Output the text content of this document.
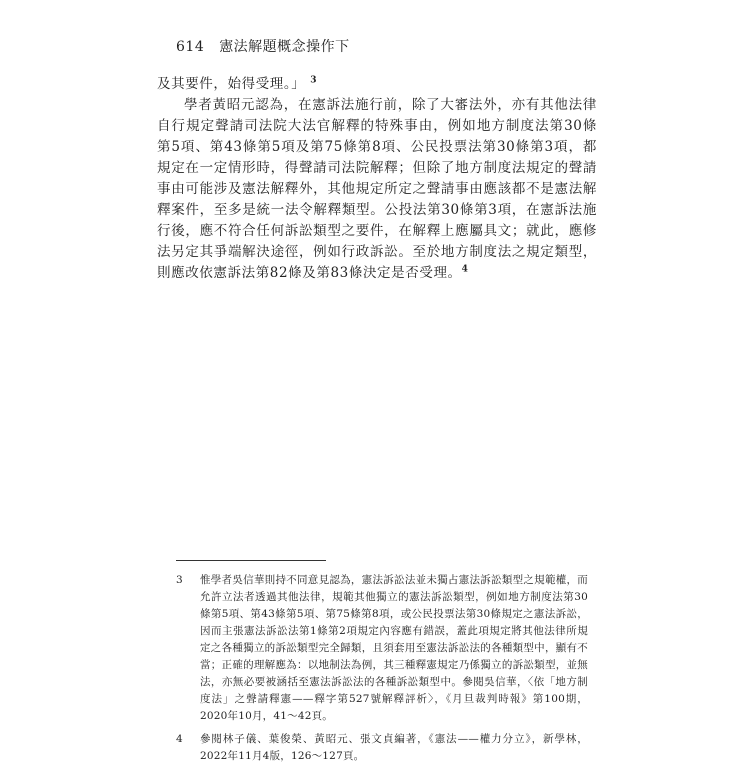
614 憲法解題概念操作下

及其要件，始得受理。」 $^3$

學者黃昭元認為，在憲訴法施行前，除了大審法外，亦有其他法律自行規定聲請司法院大法官解釋的特殊事由，例如地方制度法第30條第5項、第43條第5項及第75條第8項、公民投票法第30條第3項，都規定在一定情形時，得聲請司法院解釋；但除了地方制度法規定的聲請事由可能涉及憲法解釋外，其他規定所定之聲請事由應該都不是憲法解釋案件，至多是統一法令解釋類型。公投法第30條第3項，在憲訴法施行後，應不符合任何訴訟類型之要件，在解釋上應屬具文；就此，應修法另定其爭端解決途徑，例如行政訴訟。至於地方制度法之規定類型，則應改依憲訴法第82條及第83條決定是否受理。$^4$

3	惟學者吳信華則持不同意見認為，憲法訴訟法並未獨占憲法訴訟類型之規範權，而允許立法者透過其他法律，規範其他獨立的憲法訴訟類型，例如地方制度法第30條第5項、第43條第5項、第75條第8項，或公民投票法第30條規定之憲法訴訟，因而主張憲法訴訟法第1條第2項規定內容應有錯誤，蓋此項規定將其他法律所規定之各種獨立的訴訟類型完全歸類，且須套用至憲法訴訟法的各種類型中，顯有不當；正確的理解應為：以地制法為例，其三種釋憲規定乃係獨立的訴訟類型，並無法，亦無必要被涵括至憲法訴訟法的各種訴訟類型中。參閱吳信華，〈依「地方制度法」之聲請釋憲——釋字第527號解釋評析〉，《月旦裁判時報》第100期，2020年10月，41～42頁。
4	參閱林子儀、葉俊榮、黃昭元、張文貞編著，《憲法——權力分立》，新學林，2022年11月4版，126～127頁。
